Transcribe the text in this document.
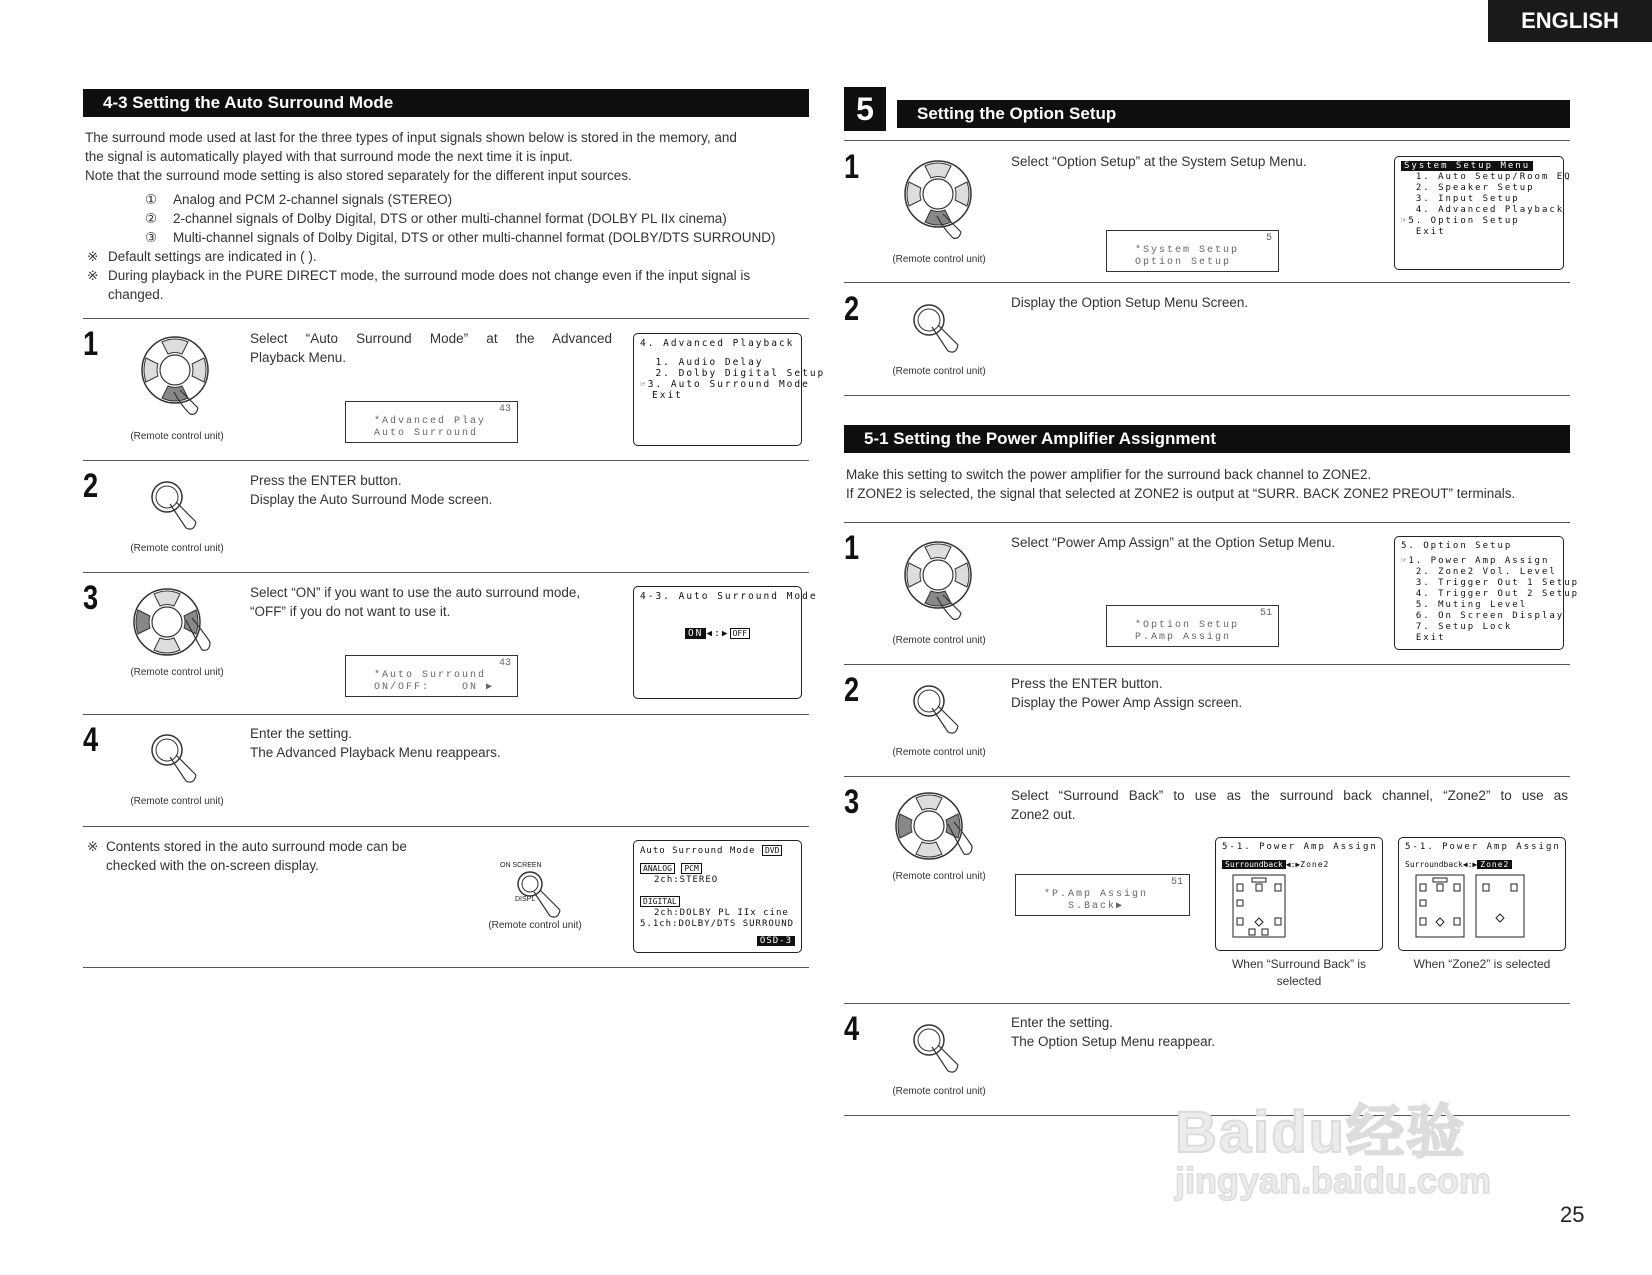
ENGLISH
25
4-3 Setting the Auto Surround Mode
The surround mode used at last for the three types of input signals shown below is stored in the memory, and
the signal is automatically played with that surround mode the next time it is input.
Note that the surround mode setting is also stored separately for the different input sources.
① Analog and PCM 2-channel signals (STEREO)
② 2-channel signals of Dolby Digital, DTS or other multi-channel format (DOLBY PL IIx cinema)
③ Multi-channel signals of Dolby Digital, DTS or other multi-channel format (DOLBY/DTS SURROUND)
※ Default settings are indicated in ( ).
※ During playback in the PURE DIRECT mode, the surround mode does not change even if the input signal is
changed.
1
(Remote control unit)
Select “Auto Surround Mode” at the Advanced
Playback Menu.
43
*Advanced Play
Auto Surround
4. Advanced Playback
1. Audio Delay
2. Dolby Digital Setup
☞3. Auto Surround Mode
Exit
2
(Remote control unit)
Press the ENTER button.
Display the Auto Surround Mode screen.
3
(Remote control unit)
Select “ON” if you want to use the auto surround mode,
“OFF” if you do not want to use it.
43
*Auto Surround
ON/OFF:    ON ▶
4-3. Auto Surround Mode
ON ◀:▶ OFF
4
(Remote control unit)
Enter the setting.
The Advanced Playback Menu reappears.
※ Contents stored in the auto surround mode can be
checked with the on-screen display.	ON SCREEN
DISPL
(Remote control unit)
Auto Surround Mode DVD
ANALOG PCM
2ch:STEREO
DIGITAL
2ch:DOLBY PL IIx cine
5.1ch:DOLBY/DTS SURROUND
OSD-3
5	Setting the Option Setup
1
(Remote control unit)
Select “Option Setup” at the System Setup Menu.
5
*System Setup
Option Setup
System Setup Menu
1. Auto Setup/Room EQ
2. Speaker Setup
3. Input Setup
4. Advanced Playback
☞5. Option Setup
Exit
2
(Remote control unit)
Display the Option Setup Menu Screen.
5-1 Setting the Power Amplifier Assignment
Make this setting to switch the power amplifier for the surround back channel to ZONE2.
If ZONE2 is selected, the signal that selected at ZONE2 is output at “SURR. BACK ZONE2 PREOUT” terminals.
1
(Remote control unit)
Select “Power Amp Assign” at the Option Setup Menu.
51
*Option Setup
P.Amp Assign
5. Option Setup
☞1. Power Amp Assign
2. Zone2 Vol. Level
3. Trigger Out 1 Setup
4. Trigger Out 2 Setup
5. Muting Level
6. On Screen Display
7. Setup Lock
Exit
2
(Remote control unit)
Press the ENTER button.
Display the Power Amp Assign screen.
3
(Remote control unit)
Select “Surround Back” to use as the surround back channel, “Zone2” to use as
Zone2 out.
51
*P.Amp Assign
S.Back▶
5-1. Power Amp Assign
Surroundback ◀:▶Zone2
When “Surround Back” is
selected
5-1. Power Amp Assign
Surroundback◀:▶ Zone2
When “Zone2” is selected
4
(Remote control unit)
Enter the setting.
The Option Setup Menu reappear.
Baidu经验
jingyan.baidu.com
